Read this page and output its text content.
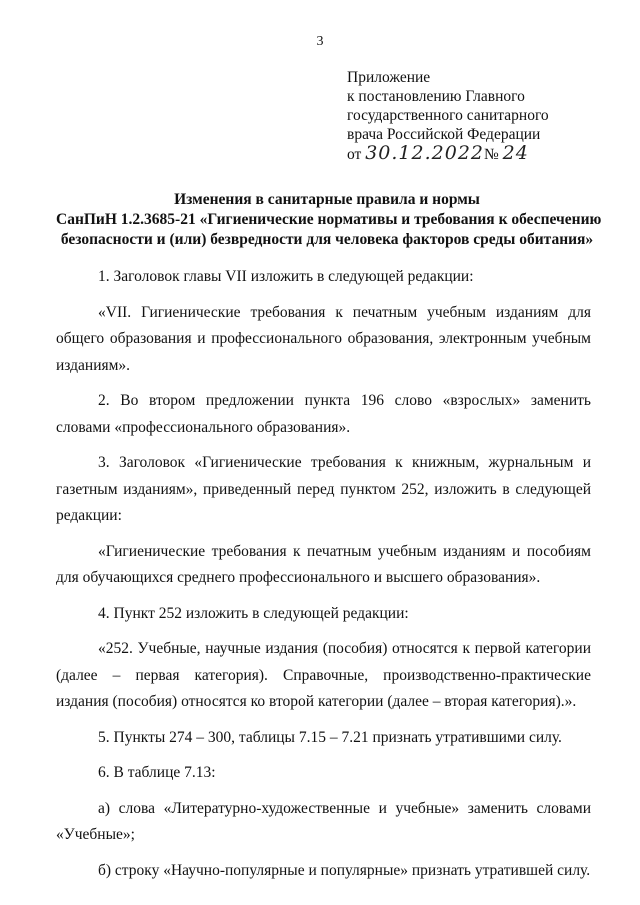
3
Приложение
к постановлению Главного
государственного санитарного
врача Российской Федерации
от 30.12.2022№ 24
Изменения в санитарные правила и нормы
СанПиН 1.2.3685-21 «Гигиенические нормативы и требования к обеспечению
безопасности и (или) безвредности для человека факторов среды обитания»
1. Заголовок главы VII изложить в следующей редакции:
«VII. Гигиенические требования к печатным учебным изданиям для общего образования и профессионального образования, электронным учебным изданиям».
2. Во втором предложении пункта 196 слово «взрослых» заменить словами «профессионального образования».
3. Заголовок «Гигиенические требования к книжным, журнальным и газетным изданиям», приведенный перед пунктом 252, изложить в следующей редакции:
«Гигиенические требования к печатным учебным изданиям и пособиям для обучающихся среднего профессионального и высшего образования».
4. Пункт 252 изложить в следующей редакции:
«252. Учебные, научные издания (пособия) относятся к первой категории (далее – первая категория). Справочные, производственно-практические издания (пособия) относятся ко второй категории (далее – вторая категория).».
5. Пункты 274 – 300, таблицы 7.15 – 7.21 признать утратившими силу.
6. В таблице 7.13:
а) слова «Литературно-художественные и учебные» заменить словами «Учебные»;
б) строку «Научно-популярные и популярные» признать утратившей силу.
